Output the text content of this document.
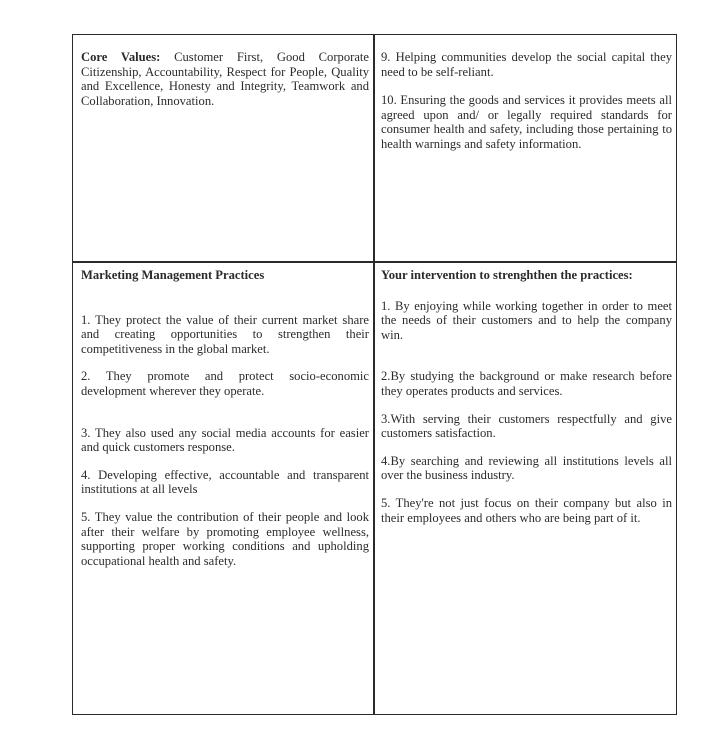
Core Values: Customer First, Good Corporate Citizenship, Accountability, Respect for People, Quality and Excellence, Honesty and Integrity, Teamwork and Collaboration, Innovation.

9. Helping communities develop the social capital they need to be self-reliant.

10. Ensuring the goods and services it provides meets all agreed upon and/ or legally required standards for consumer health and safety, including those pertaining to health warnings and safety information.

Marketing Management Practices

1. They protect the value of their current market share and creating opportunities to strengthen their competitiveness in the global market.

2. They promote and protect socio-economic development wherever they operate.

3. They also used any social media accounts for easier and quick customers response.

4. Developing effective, accountable and transparent institutions at all levels

5. They value the contribution of their people and look after their welfare by promoting employee wellness, supporting proper working conditions and upholding occupational health and safety.

Your intervention to strenghthen the practices:

1. By enjoying while working together in order to meet the needs of their customers and to help the company win.

2.By studying the background or make research before they operates products and services.

3.With serving their customers respectfully and give customers satisfaction.

4.By searching and reviewing all institutions levels all over the business industry.

5. They're not just focus on their company but also in their employees and others who are being part of it.
